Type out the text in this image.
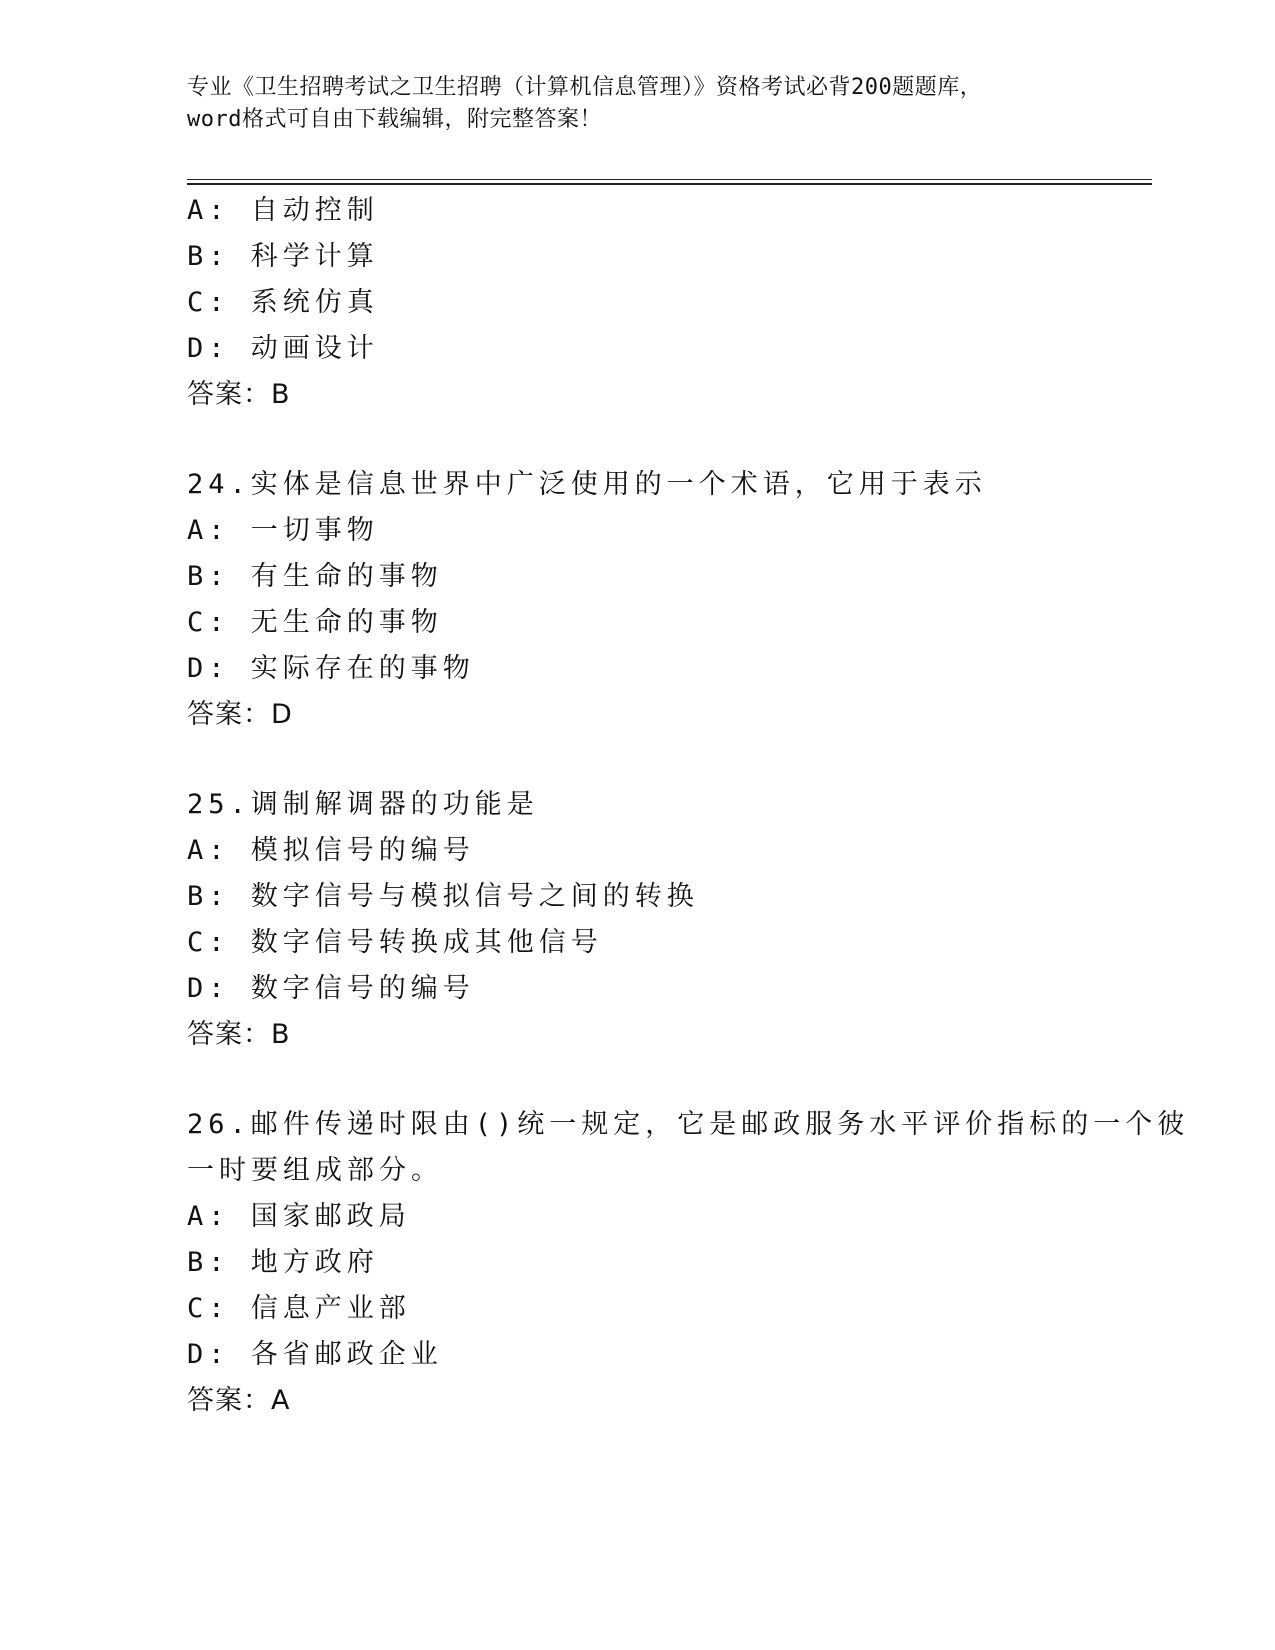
专业《卫生招聘考试之卫生招聘（计算机信息管理）》资格考试必背200题题库，
word格式可自由下载编辑，附完整答案！
A: 自动控制
B: 科学计算
C: 系统仿真
D: 动画设计
答案：B
24.实体是信息世界中广泛使用的一个术语，它用于表示
A: 一切事物
B: 有生命的事物
C: 无生命的事物
D: 实际存在的事物
答案：D
25.调制解调器的功能是
A: 模拟信号的编号
B: 数字信号与模拟信号之间的转换
C: 数字信号转换成其他信号
D: 数字信号的编号
答案：B
26.邮件传递时限由()统一规定，它是邮政服务水平评价指标的一个彼
一时要组成部分。
A: 国家邮政局
B: 地方政府
C: 信息产业部
D: 各省邮政企业
答案：A
